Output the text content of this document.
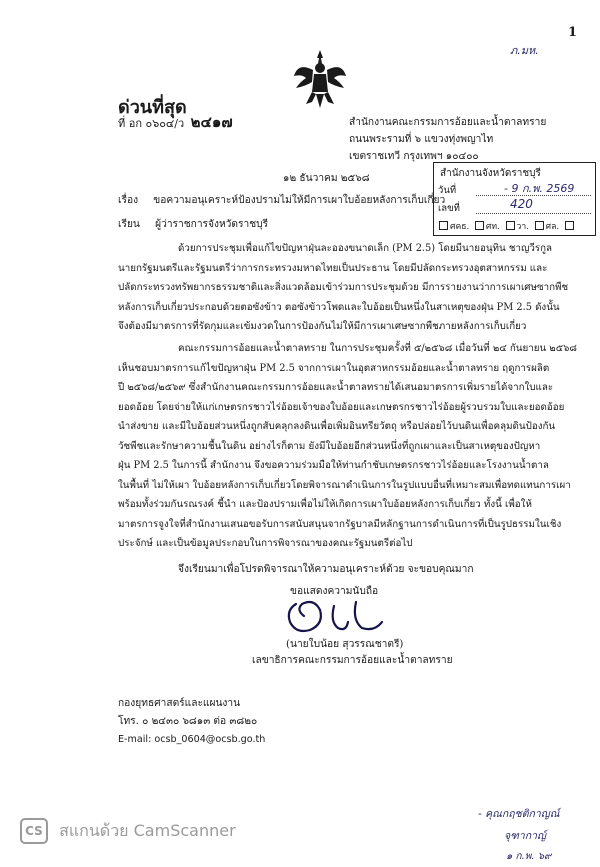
1
ภ.มห.
ด่วนที่สุด
ที่ อก ๐๖๐๔/ว ๒๔๑๗	สำนักงานคณะกรรมการอ้อยและน้ำตาลทราย
ถนนพระรามที่ ๖ แขวงทุ่งพญาไท
เขตราชเทวี กรุงเทพฯ ๑๐๔๐๐
สำนักงานจังหวัดราชบุรี
วันที่	- 9 ก.พ. 2569
เลขที่	420
ศคธ. ศท. วา. ศล.
๑๒ ธันวาคม ๒๕๖๘
เรื่อง ขอความอนุเคราะห์ป้องปรามไม่ให้มีการเผาใบอ้อยหลังการเก็บเกี่ยว
เรียน ผู้ว่าราชการจังหวัดราชบุรี
ด้วยการประชุมเพื่อแก้ไขปัญหาฝุ่นละอองขนาดเล็ก (PM 2.5) โดยมีนายอนุทิน ชาญวีรกูล
นายกรัฐมนตรีและรัฐมนตรีว่าการกระทรวงมหาดไทยเป็นประธาน โดยมีปลัดกระทรวงอุตสาหกรรม และ
ปลัดกระทรวงทรัพยากรธรรมชาติและสิ่งแวดล้อมเข้าร่วมการประชุมด้วย มีการรายงานว่าการเผาเศษซากพืช
หลังการเก็บเกี่ยวประกอบด้วยตอซังข้าว ตอซังข้าวโพดและใบอ้อยเป็นหนึ่งในสาเหตุของฝุ่น PM 2.5 ดังนั้น
จึงต้องมีมาตรการที่รัดกุมและเข้มงวดในการป้องกันไม่ให้มีการเผาเศษซากพืชภายหลังการเก็บเกี่ยว
คณะกรรมการอ้อยและน้ำตาลทราย ในการประชุมครั้งที่ ๕/๒๕๖๘ เมื่อวันที่ ๒๔ กันยายน ๒๕๖๘
เห็นชอบมาตรการแก้ไขปัญหาฝุ่น PM 2.5 จากการเผาในอุตสาหกรรมอ้อยและน้ำตาลทราย ฤดูการผลิต
ปี ๒๕๖๘/๒๕๖๙ ซึ่งสำนักงานคณะกรรมการอ้อยและน้ำตาลทรายได้เสนอมาตรการเพิ่มรายได้จากใบและ
ยอดอ้อย โดยจ่ายให้แก่เกษตรกรชาวไร่อ้อยเจ้าของใบอ้อยและเกษตรกรชาวไร่อ้อยผู้รวบรวมใบและยอดอ้อย
นำส่งขาย และมีใบอ้อยส่วนหนึ่งถูกสับคลุกลงดินเพื่อเพิ่มอินทรียวัตถุ หรือปล่อยไว้บนดินเพื่อคลุมดินป้องกัน
วัชพืชและรักษาความชื้นในดิน อย่างไรก็ตาม ยังมีใบอ้อยอีกส่วนหนึ่งที่ถูกเผาและเป็นสาเหตุของปัญหา
ฝุ่น PM 2.5 ในการนี้ สำนักงาน จึงขอความร่วมมือให้ท่านกำชับเกษตรกรชาวไร่อ้อยและโรงงานน้ำตาล
ในพื้นที่ ไม่ให้เผา ใบอ้อยหลังการเก็บเกี่ยวโดยพิจารณาดำเนินการในรูปแบบอื่นที่เหมาะสมเพื่อทดแทนการเผา
พร้อมทั้งร่วมกันรณรงค์ ชี้นำ และป้องปรามเพื่อไม่ให้เกิดการเผาใบอ้อยหลังการเก็บเกี่ยว ทั้งนี้ เพื่อให้
มาตรการจูงใจที่สำนักงานเสนอขอรับการสนับสนุนจากรัฐบาลมีหลักฐานการดำเนินการที่เป็นรูปธรรมในเชิง
ประจักษ์ และเป็นข้อมูลประกอบในการพิจารณาของคณะรัฐมนตรีต่อไป
จึงเรียนมาเพื่อโปรดพิจารณาให้ความอนุเคราะห์ด้วย จะขอบคุณมาก
ขอแสดงความนับถือ
(นายใบน้อย สุวรรณชาตรี)
เลขาธิการคณะกรรมการอ้อยและน้ำตาลทราย
กองยุทธศาสตร์และแผนงาน
โทร. ๐ ๒๔๓๐ ๖๘๑๓ ต่อ ๓๘๒๐
E-mail: ocsb_0604@ocsb.go.th
- คุณกฤชติกาญณ์
จุฑากาญ์
๑ ก.พ. ๖๙
CS สแกนด้วย CamScanner
